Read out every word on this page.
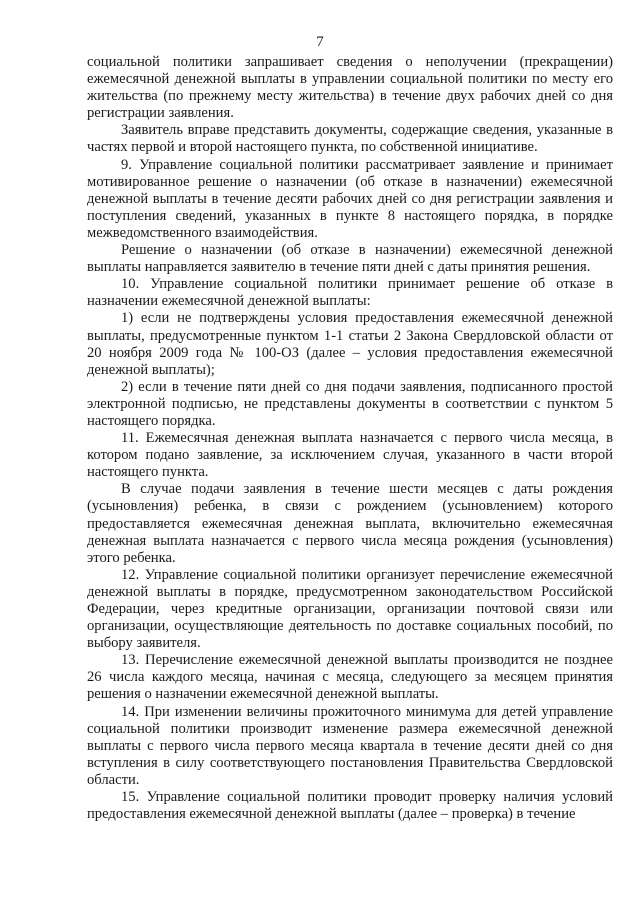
7

социальной политики запрашивает сведения о неполучении (прекращении) ежемесячной денежной выплаты в управлении социальной политики по месту его жительства (по прежнему месту жительства) в течение двух рабочих дней со дня регистрации заявления.

Заявитель вправе представить документы, содержащие сведения, указанные в частях первой и второй настоящего пункта, по собственной инициативе.

9. Управление социальной политики рассматривает заявление и принимает мотивированное решение о назначении (об отказе в назначении) ежемесячной денежной выплаты в течение десяти рабочих дней со дня регистрации заявления и поступления сведений, указанных в пункте 8 настоящего порядка, в порядке межведомственного взаимодействия.

Решение о назначении (об отказе в назначении) ежемесячной денежной выплаты направляется заявителю в течение пяти дней с даты принятия решения.

10. Управление социальной политики принимает решение об отказе в назначении ежемесячной денежной выплаты:

1) если не подтверждены условия предоставления ежемесячной денежной выплаты, предусмотренные пунктом 1-1 статьи 2 Закона Свердловской области от 20 ноября 2009 года № 100-ОЗ (далее – условия предоставления ежемесячной денежной выплаты);

2) если в течение пяти дней со дня подачи заявления, подписанного простой электронной подписью, не представлены документы в соответствии с пунктом 5 настоящего порядка.

11. Ежемесячная денежная выплата назначается с первого числа месяца, в котором подано заявление, за исключением случая, указанного в части второй настоящего пункта.

В случае подачи заявления в течение шести месяцев с даты рождения (усыновления) ребенка, в связи с рождением (усыновлением) которого предоставляется ежемесячная денежная выплата, включительно ежемесячная денежная выплата назначается с первого числа месяца рождения (усыновления) этого ребенка.

12. Управление социальной политики организует перечисление ежемесячной денежной выплаты в порядке, предусмотренном законодательством Российской Федерации, через кредитные организации, организации почтовой связи или организации, осуществляющие деятельность по доставке социальных пособий, по выбору заявителя.

13. Перечисление ежемесячной денежной выплаты производится не позднее 26 числа каждого месяца, начиная с месяца, следующего за месяцем принятия решения о назначении ежемесячной денежной выплаты.

14. При изменении величины прожиточного минимума для детей управление социальной политики производит изменение размера ежемесячной денежной выплаты с первого числа первого месяца квартала в течение десяти дней со дня вступления в силу соответствующего постановления Правительства Свердловской области.

15. Управление социальной политики проводит проверку наличия условий предоставления ежемесячной денежной выплаты (далее – проверка) в течение
